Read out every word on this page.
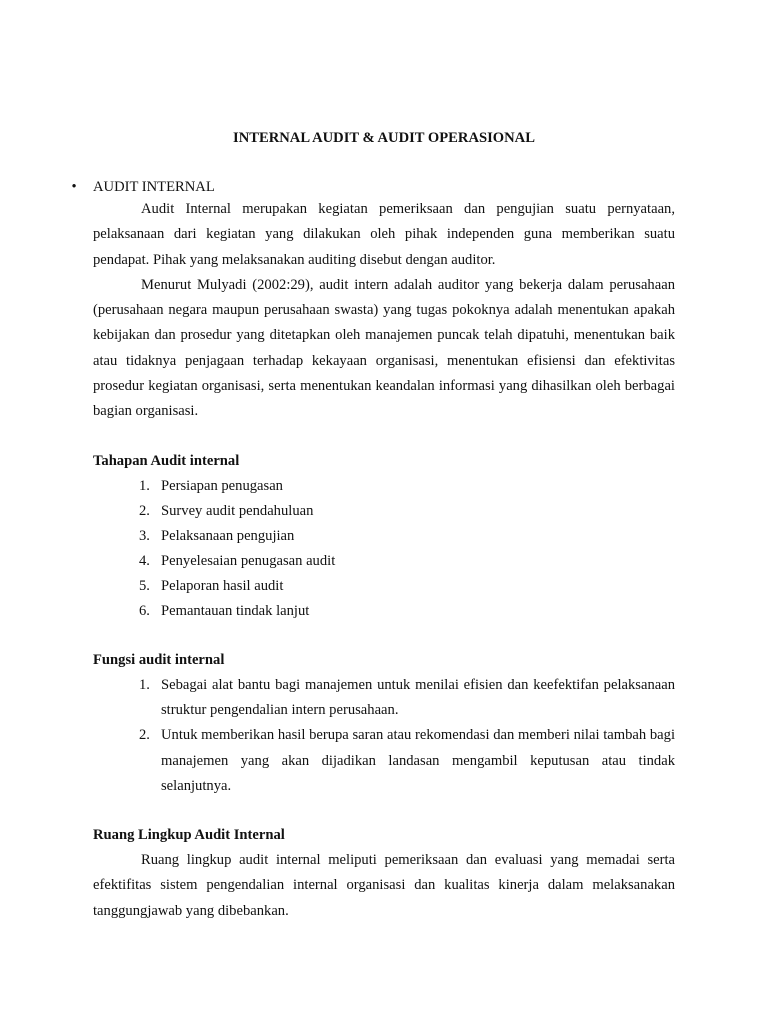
INTERNAL AUDIT & AUDIT OPERASIONAL
• AUDIT INTERNAL

Audit Internal merupakan kegiatan pemeriksaan dan pengujian suatu pernyataan, pelaksanaan dari kegiatan yang dilakukan oleh pihak independen guna memberikan suatu pendapat. Pihak yang melaksanakan auditing disebut dengan auditor.

Menurut Mulyadi (2002:29), audit intern adalah auditor yang bekerja dalam perusahaan (perusahaan negara maupun perusahaan swasta) yang tugas pokoknya adalah menentukan apakah kebijakan dan prosedur yang ditetapkan oleh manajemen puncak telah dipatuhi, menentukan baik atau tidaknya penjagaan terhadap kekayaan organisasi, menentukan efisiensi dan efektivitas prosedur kegiatan organisasi, serta menentukan keandalan informasi yang dihasilkan oleh berbagai bagian organisasi.

Tahapan Audit internal

1. Persiapan penugasan
2. Survey audit pendahuluan
3. Pelaksanaan pengujian
4. Penyelesaian penugasan audit
5. Pelaporan hasil audit
6. Pemantauan tindak lanjut

Fungsi audit internal

1. Sebagai alat bantu bagi manajemen untuk menilai efisien dan keefektifan pelaksanaan struktur pengendalian intern perusahaan.
2. Untuk memberikan hasil berupa saran atau rekomendasi dan memberi nilai tambah bagi manajemen yang akan dijadikan landasan mengambil keputusan atau tindak selanjutnya.

Ruang Lingkup Audit Internal

Ruang lingkup audit internal meliputi pemeriksaan dan evaluasi yang memadai serta efektifitas sistem pengendalian internal organisasi dan kualitas kinerja dalam melaksanakan tanggungjawab yang dibebankan.
